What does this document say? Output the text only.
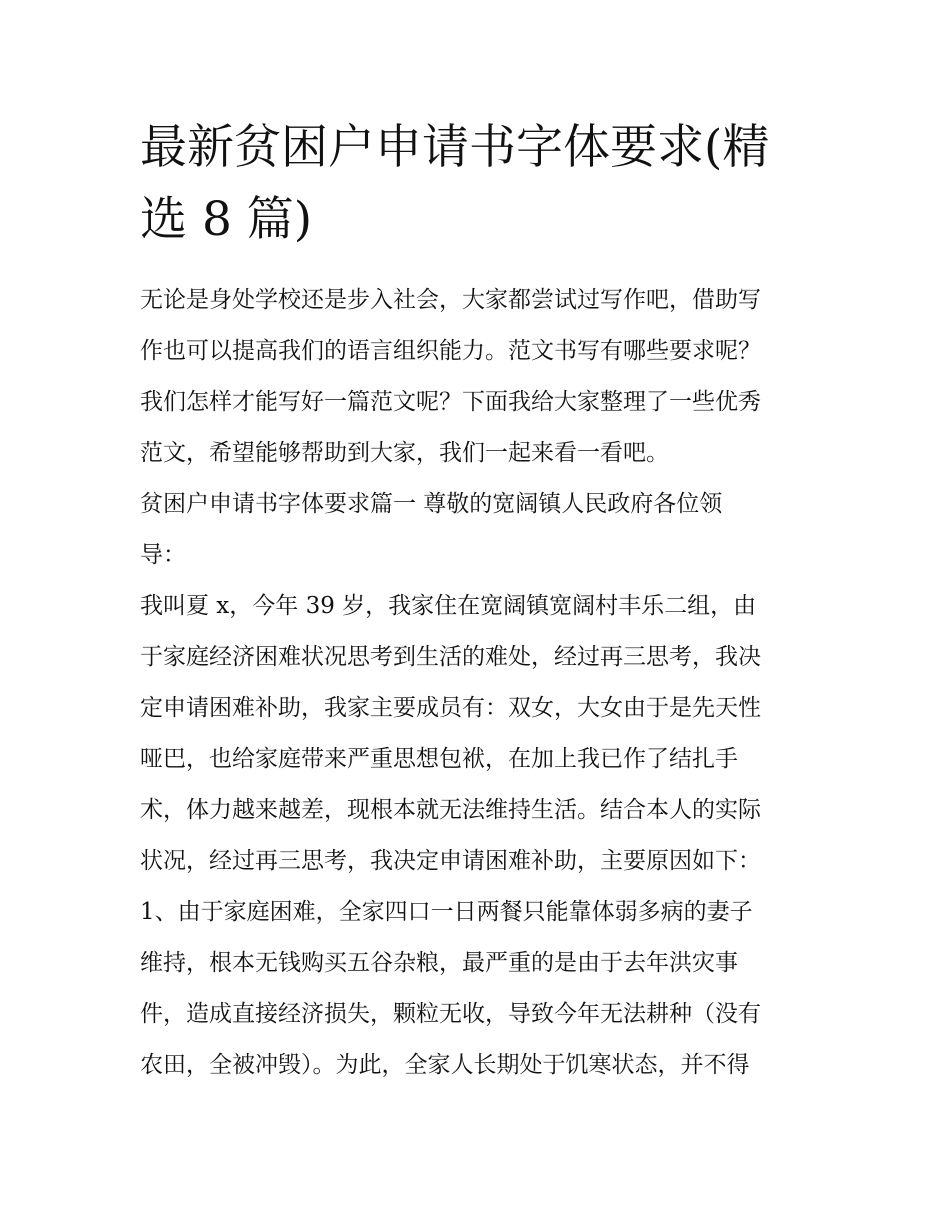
最新贫困户申请书字体要求(精
选 8 篇)
无论是身处学校还是步入社会，大家都尝试过写作吧，借助写
作也可以提高我们的语言组织能力。范文书写有哪些要求呢？
我们怎样才能写好一篇范文呢？下面我给大家整理了一些优秀
范文，希望能够帮助到大家，我们一起来看一看吧。
贫困户申请书字体要求篇一 尊敬的宽阔镇人民政府各位领
导：
我叫夏 x，今年 39 岁，我家住在宽阔镇宽阔村丰乐二组，由
于家庭经济困难状况思考到生活的难处，经过再三思考，我决
定申请困难补助，我家主要成员有：双女，大女由于是先天性
哑巴，也给家庭带来严重思想包袱，在加上我已作了结扎手
术，体力越来越差，现根本就无法维持生活。结合本人的实际
状况，经过再三思考，我决定申请困难补助，主要原因如下：
1、由于家庭困难，全家四口一日两餐只能靠体弱多病的妻子
维持，根本无钱购买五谷杂粮，最严重的是由于去年洪灾事
件，造成直接经济损失，颗粒无收，导致今年无法耕种（没有
农田，全被冲毁）。为此，全家人长期处于饥寒状态，并不得
